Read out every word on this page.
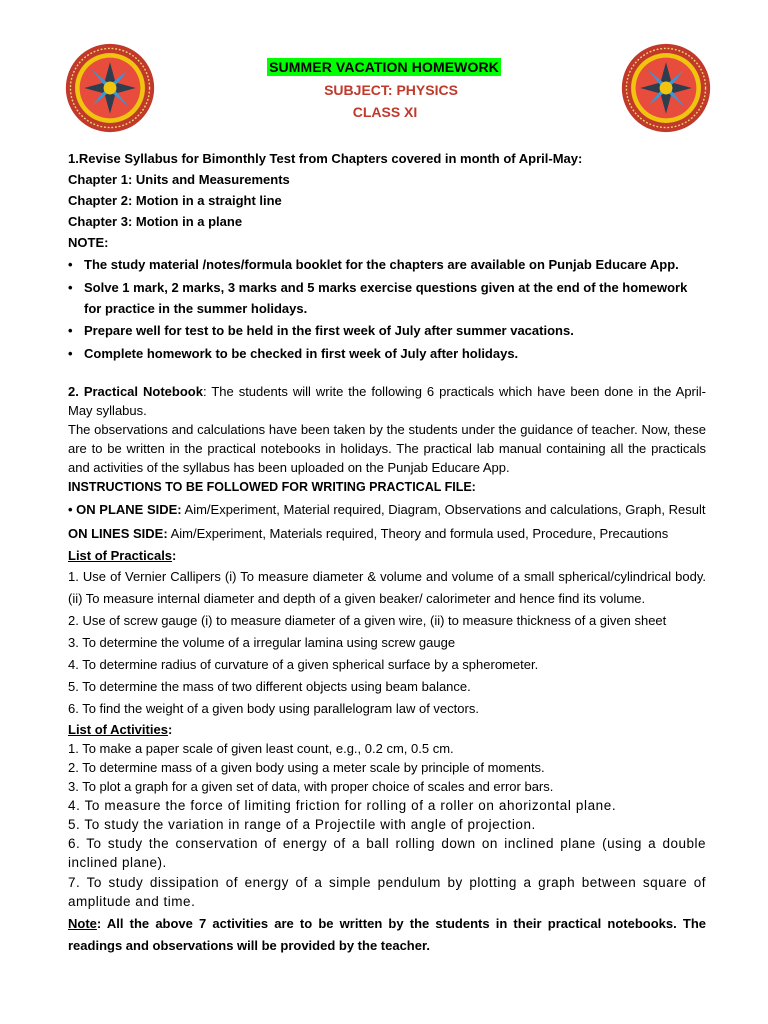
SUMMER VACATION HOMEWORK
SUBJECT: PHYSICS
CLASS XI
1.Revise Syllabus for Bimonthly Test from Chapters covered in month of April-May:
Chapter 1: Units and Measurements
Chapter 2: Motion in a straight line
Chapter 3: Motion in a plane
NOTE:
• The study material /notes/formula booklet for the chapters are available on Punjab Educare App.
• Solve 1 mark, 2 marks, 3 marks and 5 marks exercise questions given at the end of the homework for practice in the summer holidays.
• Prepare well for test to be held in the first week of July after summer vacations.
• Complete homework to be checked in first week of July after holidays.
2. Practical Notebook: The students will write the following 6 practicals which have been done in the April-May syllabus.
The observations and calculations have been taken by the students under the guidance of teacher. Now, these are to be written in the practical notebooks in holidays. The practical lab manual containing all the practicals and activities of the syllabus has been uploaded on the Punjab Educare App.
INSTRUCTIONS TO BE FOLLOWED FOR WRITING PRACTICAL FILE:
• ON PLANE SIDE: Aim/Experiment, Material required, Diagram, Observations and calculations, Graph, Result
ON LINES SIDE: Aim/Experiment, Materials required, Theory and formula used, Procedure, Precautions
List of Practicals:
1. Use of Vernier Callipers (i) To measure diameter & volume and volume of a small spherical/cylindrical body. (ii) To measure internal diameter and depth of a given beaker/ calorimeter and hence find its volume.
2. Use of screw gauge (i) to measure diameter of a given wire, (ii) to measure thickness of a given sheet
3. To determine the volume of a irregular lamina using screw gauge
4. To determine radius of curvature of a given spherical surface by a spherometer.
5. To determine the mass of two different objects using beam balance.
6. To find the weight of a given body using parallelogram law of vectors.
List of Activities:
1. To make a paper scale of given least count, e.g., 0.2 cm, 0.5 cm.
2. To determine mass of a given body using a meter scale by principle of moments.
3. To plot a graph for a given set of data, with proper choice of scales and error bars.
4. To measure the force of limiting friction for rolling of a roller on ahorizontal plane.
5. To study the variation in range of a Projectile with angle of projection.
6. To study the conservation of energy of a ball rolling down on inclined plane (using a double inclined plane).
7. To study dissipation of energy of a simple pendulum by plotting a graph between square of amplitude and time.
Note: All the above 7 activities are to be written by the students in their practical notebooks. The readings and observations will be provided by the teacher.
